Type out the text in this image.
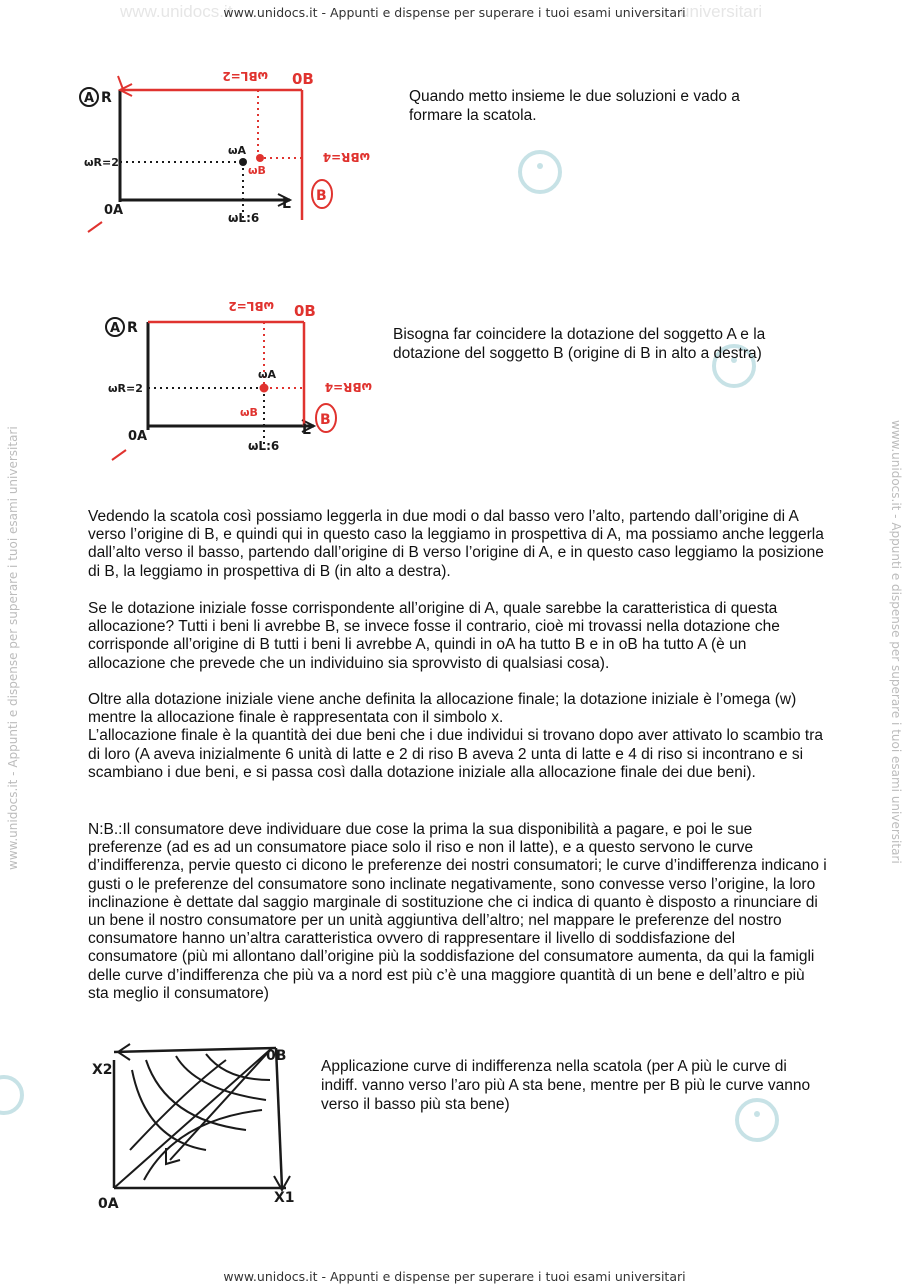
www.unidocs.it	universitari
www.unidocs.it - Appunti e dispense per superare i tuoi esami universitari
www.unidocs.it - Appunti e dispense per superare i tuoi esami universitari	www.unidocs.it - Appunti e dispense per superare i tuoi esami universitari
A R
0B
ωA
ωR=2
ωL:6
0A	L
ωB
ωBL=2
ωBR=4
B
Quando metto insieme le due soluzioni e vado a formare la scatola.
A R
0B
ωA
ωR=2
ωL:6
0A	L
ωB
ωBL=2
ωBR=4
B
Bisogna far coincidere la dotazione del soggetto A e la dotazione del soggetto B (origine di B in alto a destra)
Vedendo la scatola così possiamo leggerla in due modi o dal basso vero l’alto, partendo dall’origine di A verso l’origine di B, e quindi qui in questo caso la leggiamo in prospettiva di A, ma possiamo anche leggerla dall’alto verso il basso, partendo dall’origine di B verso l’origine di A, e in questo caso leggiamo la posizione di B, la leggiamo in prospettiva di B (in alto a destra).
Se le dotazione iniziale fosse corrispondente all’origine di A, quale sarebbe la caratteristica di questa allocazione? Tutti i beni li avrebbe B, se invece fosse il contrario, cioè mi trovassi nella dotazione che corrisponde all’origine di B tutti i beni li avrebbe A, quindi in oA ha tutto B e in oB ha tutto A (è un allocazione che prevede che un individuino sia sprovvisto di qualsiasi cosa).
Oltre alla dotazione iniziale viene anche definita la allocazione finale; la dotazione iniziale è l’omega (w) mentre la allocazione finale è rappresentata con il simbolo x.
L’allocazione finale è la quantità dei due beni che i due individui si trovano dopo aver attivato lo scambio tra di loro (A aveva inizialmente 6 unità di latte e 2 di riso B aveva 2 unta di latte e 4 di riso si incontrano e si scambiano i due beni, e si passa così dalla dotazione iniziale alla allocazione finale dei due beni).
N:B.:Il consumatore deve individuare due cose la prima la sua disponibilità a pagare, e poi le sue preferenze (ad es ad un consumatore piace solo il riso e non il latte), e a questo servono le curve d’indifferenza, pervie questo ci dicono le preferenze dei nostri consumatori; le curve d’indifferenza indicano i gusti o le preferenze del consumatore sono inclinate negativamente, sono convesse verso l’origine, la loro inclinazione è dettate dal saggio marginale di sostituzione che ci indica di quanto è disposto a rinunciare di un bene il nostro consumatore per un unità aggiuntiva dell’altro; nel mappare le preferenze del nostro consumatore hanno un’altra caratteristica ovvero di rappresentare il livello di soddisfazione del consumatore (più mi allontano dall’origine più la soddisfazione del consumatore aumenta, da qui la famigli delle curve d’indifferenza che più va a nord est più c’è una maggiore quantità di un bene e dell’altro e più sta meglio il consumatore)
X2
X1
0A
0B
Applicazione curve di indifferenza nella scatola (per A più le curve di indiff. vanno verso l’aro più A sta bene, mentre per B più le curve vanno verso il basso più sta bene)
www.unidocs.it - Appunti e dispense per superare i tuoi esami universitari
